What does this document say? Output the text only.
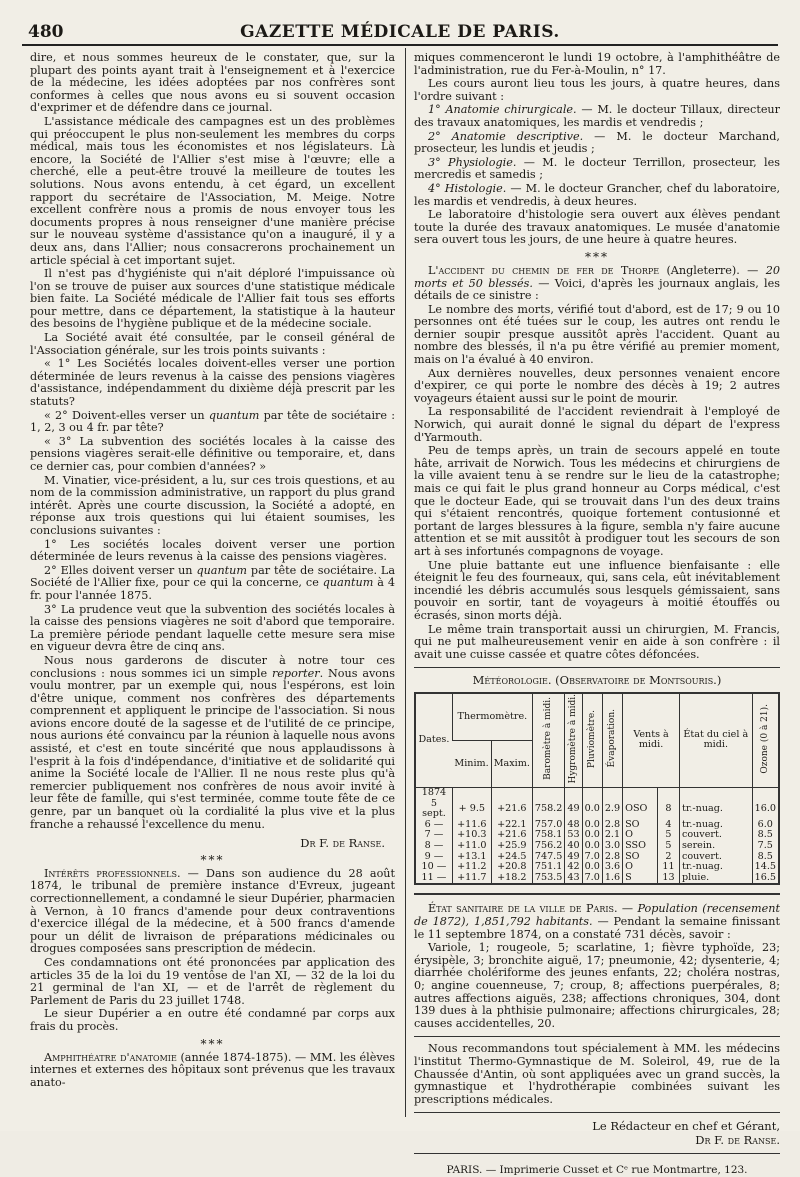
480	GAZETTE MÉDICALE DE PARIS.

dire, et nous sommes heureux de le constater, que, sur la plupart des points ayant trait à l'enseignement et à l'exercice de la médecine, les idées adoptées par nos confrères sont conformes à celles que nous avons eu si souvent occasion d'exprimer et de défendre dans ce journal.

L'assistance médicale des campagnes est un des problèmes qui préoccupent le plus non-seulement les membres du corps médical, mais tous les économistes et nos législateurs. Là encore, la Société de l'Allier s'est mise à l'œuvre; elle a cherché, elle a peut-être trouvé la meilleure de toutes les solutions. Nous avons entendu, à cet égard, un excellent rapport du secrétaire de l'Association, M. Meige. Notre excellent confrère nous a promis de nous envoyer tous les documents propres à nous renseigner d'une manière précise sur le nouveau système d'assistance qu'on a inauguré, il y a deux ans, dans l'Allier; nous consacrerons prochainement un article spécial à cet important sujet.

Il n'est pas d'hygiéniste qui n'ait déploré l'impuissance où l'on se trouve de puiser aux sources d'une statistique médicale bien faite. La Société médicale de l'Allier fait tous ses efforts pour mettre, dans ce département, la statistique à la hauteur des besoins de l'hygiène publique et de la médecine sociale.

La Société avait été consultée, par le conseil général de l'Association générale, sur les trois points suivants :

« 1° Les Sociétés locales doivent-elles verser une portion déterminée de leurs revenus à la caisse des pensions viagères d'assistance, indépendamment du dixième déjà prescrit par les statuts?

« 2° Doivent-elles verser un quantum par tête de sociétaire : 1, 2, 3 ou 4 fr. par tête?

« 3° La subvention des sociétés locales à la caisse des pensions viagères serait-elle définitive ou temporaire, et, dans ce dernier cas, pour combien d'années? »

M. Vinatier, vice-président, a lu, sur ces trois questions, et au nom de la commission administrative, un rapport du plus grand intérêt. Après une courte discussion, la Société a adopté, en réponse aux trois questions qui lui étaient soumises, les conclusions suivantes :

1° Les sociétés locales doivent verser une portion déterminée de leurs revenus à la caisse des pensions viagères.

2° Elles doivent verser un quantum par tête de sociétaire. La Société de l'Allier fixe, pour ce qui la concerne, ce quantum à 4 fr. pour l'année 1875.

3° La prudence veut que la subvention des sociétés locales à la caisse des pensions viagères ne soit d'abord que temporaire. La première période pendant laquelle cette mesure sera mise en vigueur devra être de cinq ans.

Nous nous garderons de discuter à notre tour ces conclusions : nous sommes ici un simple reporter. Nous avons voulu montrer, par un exemple qui, nous l'espérons, est loin d'être unique, comment nos confrères des départements comprennent et appliquent le principe de l'association. Si nous avions encore douté de la sagesse et de l'utilité de ce principe, nous aurions été convaincu par la réunion à laquelle nous avons assisté, et c'est en toute sincérité que nous applaudissons à l'esprit à la fois d'indépendance, d'initiative et de solidarité qui anime la Société locale de l'Allier. Il ne nous reste plus qu'à remercier publiquement nos confrères de nous avoir invité à leur fête de famille, qui s'est terminée, comme toute fête de ce genre, par un banquet où la cordialité la plus vive et la plus franche a rehaussé l'excellence du menu.

Dr F. de Ranse.
***

Intérêts professionnels. — Dans son audience du 28 août 1874, le tribunal de première instance d'Evreux, jugeant correctionnellement, a condamné le sieur Dupérier, pharmacien à Vernon, à 10 francs d'amende pour deux contraventions d'exercice illégal de la médecine, et à 500 francs d'amende pour un délit de livraison de préparations médicinales ou drogues composées sans prescription de médecin.

Ces condamnations ont été prononcées par application des articles 35 de la loi du 19 ventôse de l'an XI, — 32 de la loi du 21 germinal de l'an XI, — et de l'arrêt de règlement du Parlement de Paris du 23 juillet 1748.

Le sieur Dupérier a en outre été condamné par corps aux frais du procès.

***

Amphithéatre d'anatomie (année 1874-1875). — MM. les élèves internes et externes des hôpitaux sont prévenus que les travaux anato-

miques commenceront le lundi 19 octobre, à l'amphithéâtre de l'administration, rue du Fer-à-Moulin, n° 17.

Les cours auront lieu tous les jours, à quatre heures, dans l'ordre suivant :

1° Anatomie chirurgicale. — M. le docteur Tillaux, directeur des travaux anatomiques, les mardis et vendredis ;

2° Anatomie descriptive. — M. le docteur Marchand, prosecteur, les lundis et jeudis ;

3° Physiologie. — M. le docteur Terrillon, prosecteur, les mercredis et samedis ;

4° Histologie. — M. le docteur Grancher, chef du laboratoire, les mardis et vendredis, à deux heures.

Le laboratoire d'histologie sera ouvert aux élèves pendant toute la durée des travaux anatomiques. Le musée d'anatomie sera ouvert tous les jours, de une heure à quatre heures.

***

L'accident du chemin de fer de Thorpe (Angleterre). — 20 morts et 50 blessés. — Voici, d'après les journaux anglais, les détails de ce sinistre :

Le nombre des morts, vérifié tout d'abord, est de 17; 9 ou 10 personnes ont été tuées sur le coup, les autres ont rendu le dernier soupir presque aussitôt après l'accident. Quant au nombre des blessés, il n'a pu être vérifié au premier moment, mais on l'a évalué à 40 environ.

Aux dernières nouvelles, deux personnes venaient encore d'expirer, ce qui porte le nombre des décès à 19; 2 autres voyageurs étaient aussi sur le point de mourir.

La responsabilité de l'accident reviendrait à l'employé de Norwich, qui aurait donné le signal du départ de l'express d'Yarmouth.

Peu de temps après, un train de secours appelé en toute hâte, arrivait de Norwich. Tous les médecins et chirurgiens de la ville avaient tenu à se rendre sur le lieu de la catastrophe; mais ce qui fait le plus grand honneur au Corps médical, c'est que le docteur Eade, qui se trouvait dans l'un des deux trains qui s'étaient rencontrés, quoique fortement contusionné et portant de larges blessures à la figure, sembla n'y faire aucune attention et se mit aussitôt à prodiguer tout les secours de son art à ses infortunés compagnons de voyage.

Une pluie battante eut une influence bienfaisante : elle éteignit le feu des fourneaux, qui, sans cela, eût inévitablement incendié les débris accumulés sous lesquels gémissaient, sans pouvoir en sortir, tant de voyageurs à moitié étouffés ou écrasés, sinon morts déjà.

Le même train transportait aussi un chirurgien, M. Francis, qui ne put malheureusement venir en aide à son confrère : il avait une cuisse cassée et quatre côtes défoncées.

Météorologie. (Observatoire de Montsouris.)
Dates.	Thermomètre.		Baromètre à midi.	Hygromètre à midi.	Pluviomètre.	Évaporation.	Vents à midi.		État du ciel à midi.	Ozone (0 à 21).
	Minim.	Maxim.								
1874										
5 sept.	+ 9.5	+21.6	758.2	49	0.0	2.9	OSO	8	tr.-nuag.	16.0
6 —	+11.6	+22.1	757.0	48	0.0	2.8	SO	4	tr.-nuag.	6.0
7 —	+10.3	+21.6	758.1	53	0.0	2.1	O	5	couvert.	8.5
8 —	+11.0	+25.9	756.2	40	0.0	3.0	SSO	5	serein.	7.5
9 —	+13.1	+24.5	747.5	49	7.0	2.8	SO	2	couvert.	8.5
10 —	+11.2	+20.8	751.1	42	0.0	3.6	O	11	tr.-nuag.	14.5
11 —	+11.7	+18.2	753.5	43	7.0	1.6	S	13	pluie.	16.5

État sanitaire de la ville de Paris. — Population (recensement de 1872), 1,851,792 habitants. — Pendant la semaine finissant le 11 septembre 1874, on a constaté 731 décès, savoir :

Variole, 1; rougeole, 5; scarlatine, 1; fièvre typhoïde, 23; érysipèle, 3; bronchite aiguë, 17; pneumonie, 42; dysenterie, 4; diarrhée cholériforme des jeunes enfants, 22; choléra nostras, 0; angine couenneuse, 7; croup, 8; affections puerpérales, 8; autres affections aiguës, 238; affections chroniques, 304, dont 139 dues à la phthisie pulmonaire; affections chirurgicales, 28; causes accidentelles, 20.

Nous recommandons tout spécialement à MM. les médecins l'institut Thermo-Gymnastique de M. Soleirol, 49, rue de la Chaussée d'Antin, où sont appliquées avec un grand succès, la gymnastique et l'hydrothérapie combinées suivant les prescriptions médicales.

Le Rédacteur en chef et Gérant,
Dr F. de Ranse.
PARIS. — Imprimerie Cusset et Cᵉ rue Montmartre, 123.
